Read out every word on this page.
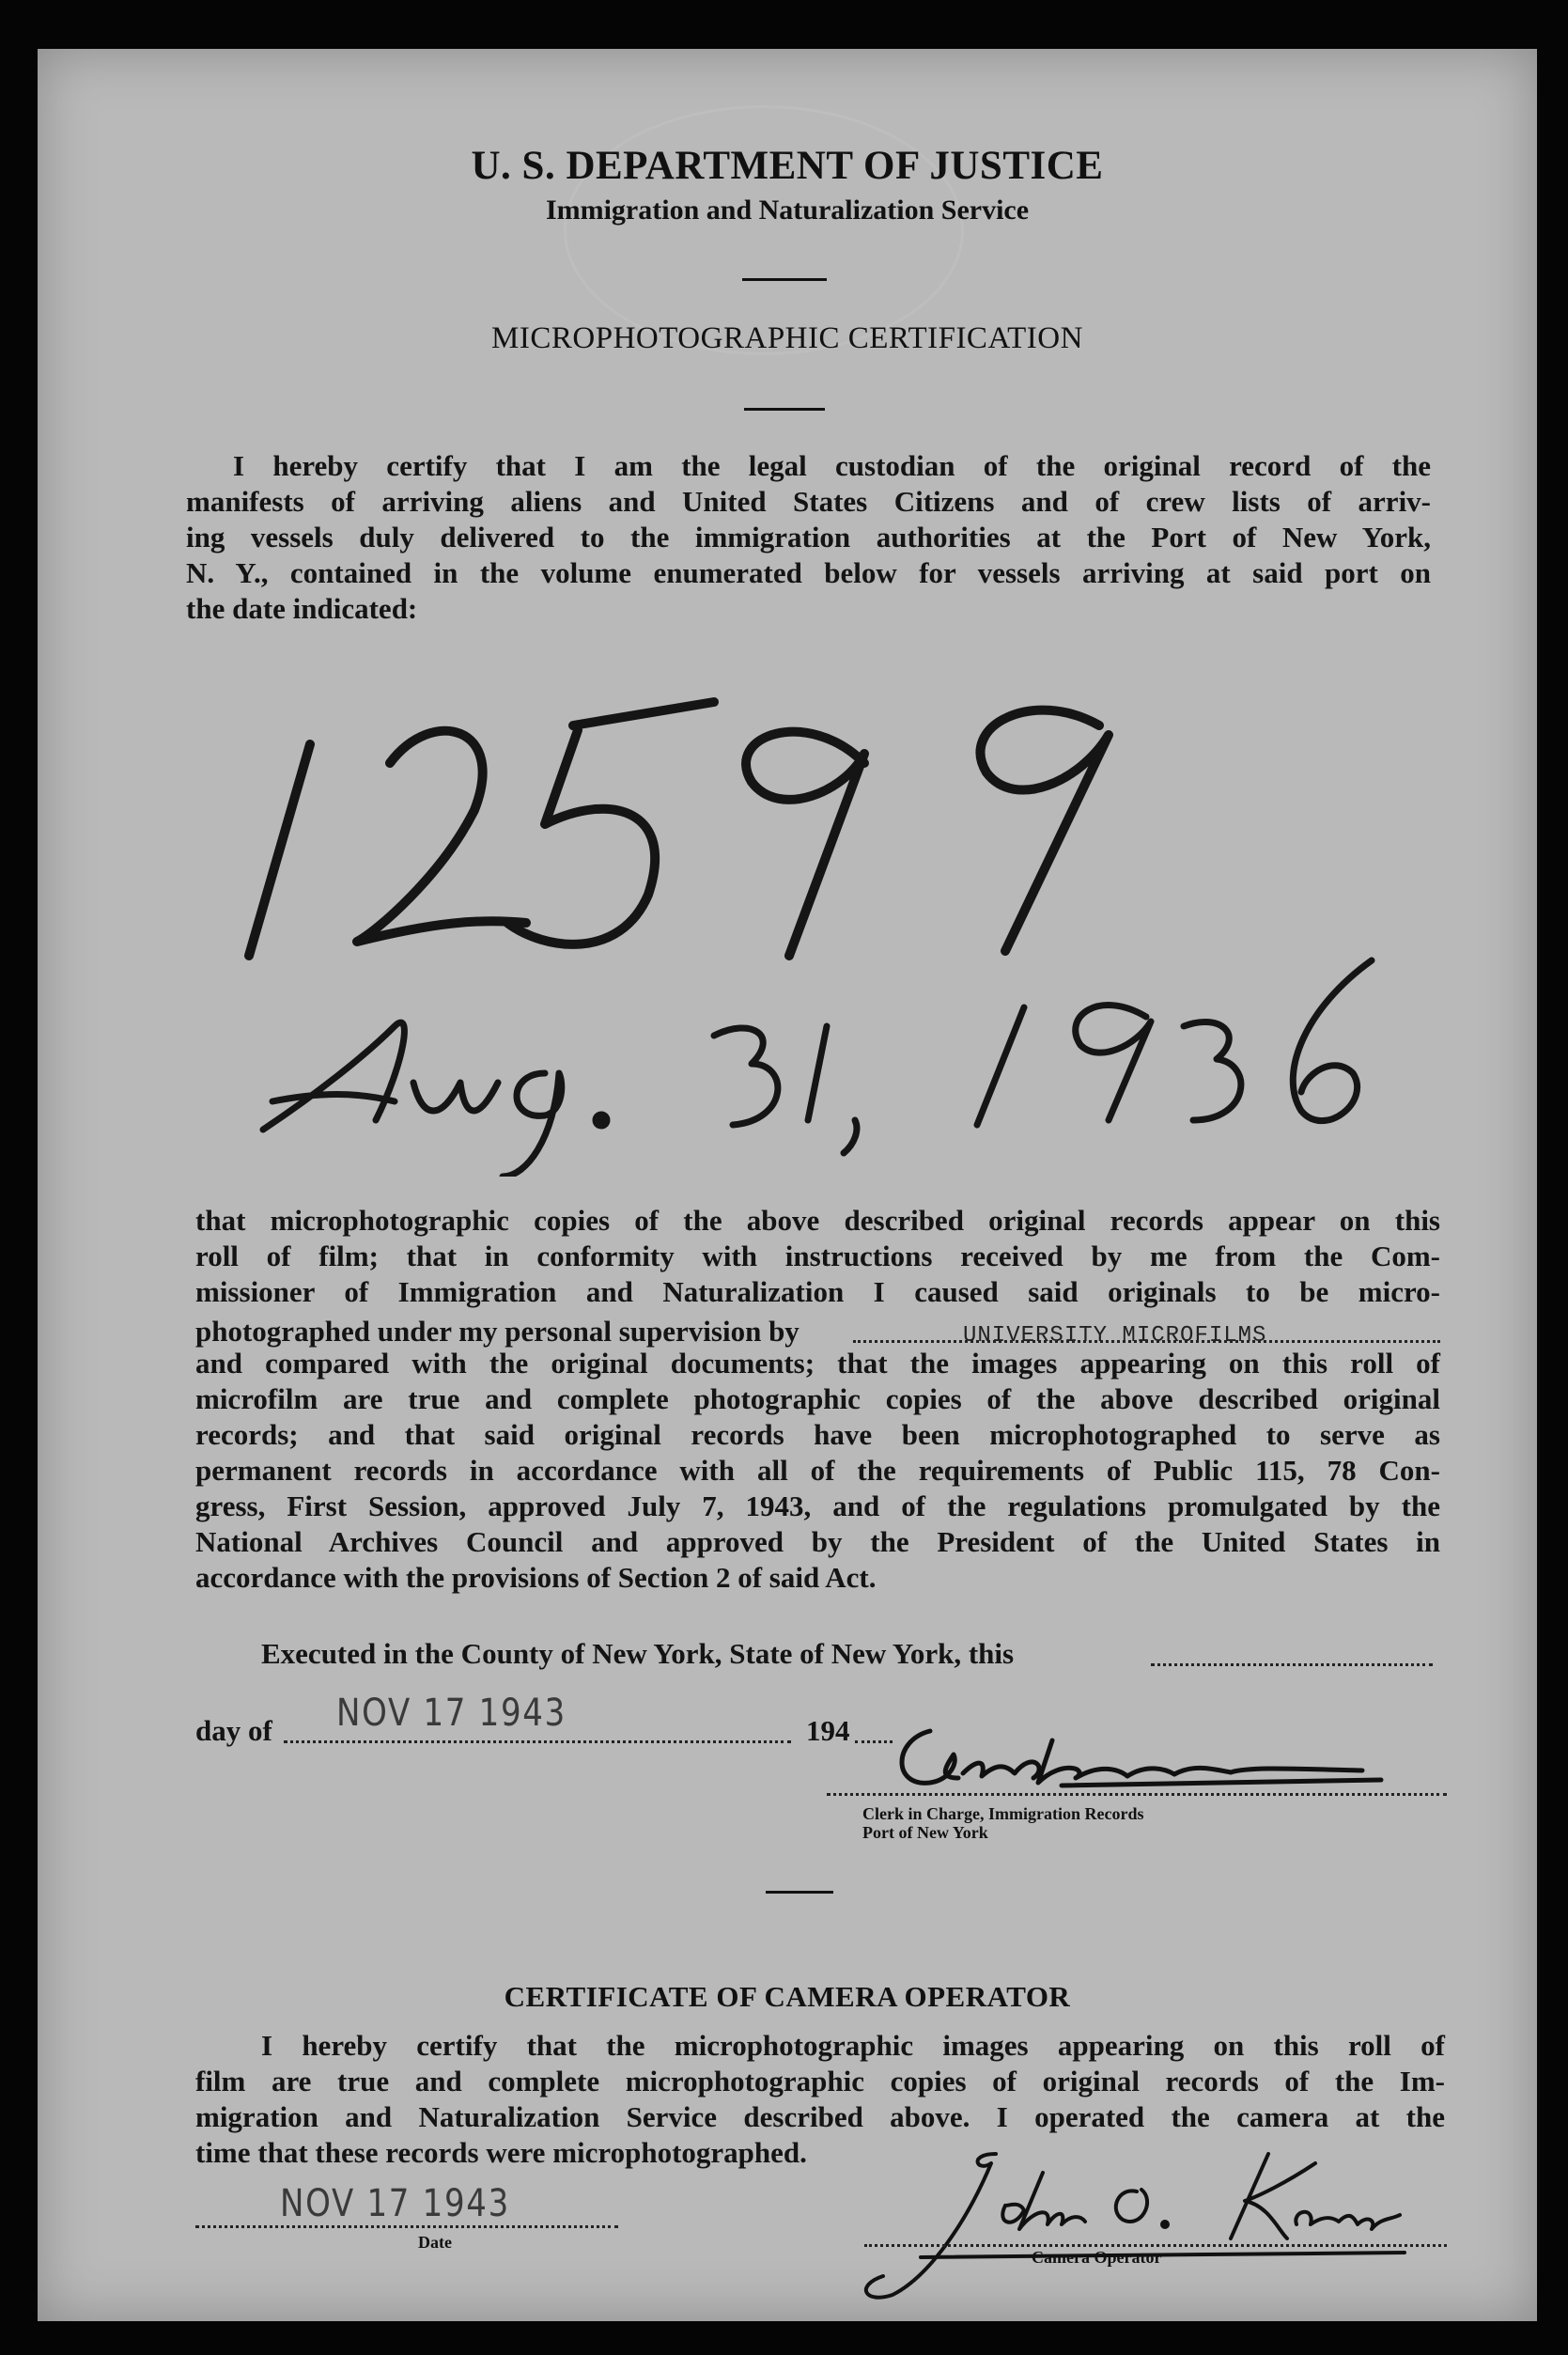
U. S. DEPARTMENT OF JUSTICE
Immigration and Naturalization Service
MICROPHOTOGRAPHIC CERTIFICATION

I hereby certify that I am the legal custodian of the original record of the

manifests of arriving aliens and United States Citizens and of crew lists of arriv-

ing vessels duly delivered to the immigration authorities at the Port of New York,

N. Y., contained in the volume enumerated below for vessels arriving at said port on

the date indicated:

that microphotographic copies of the above described original records appear on this

roll of film; that in conformity with instructions received by me from the Com-

missioner of Immigration and Naturalization I caused said originals to be micro-

photographed under my personal supervision by

and compared with the original documents; that the images appearing on this roll of

microfilm are true and complete photographic copies of the above described original

records; and that said original records have been microphotographed to serve as

permanent records in accordance with all of the requirements of Public 115, 78 Con-

gress, First Session, approved July 7, 1943, and of the regulations promulgated by the

National Archives Council and approved by the President of the United States in

accordance with the provisions of Section 2 of said Act.

UNIVERSITY MICROFILMS
Executed in the County of New York, State of New York, this
day of NOV 17 1943	194
Clerk in Charge, Immigration Records
Port of New York
CERTIFICATE OF CAMERA OPERATOR

I hereby certify that the microphotographic images appearing on this roll of

film are true and complete microphotographic copies of original records of the Im-

migration and Naturalization Service described above. I operated the camera at the

time that these records were microphotographed.

NOV 17 1943
Date
Camera Operator
